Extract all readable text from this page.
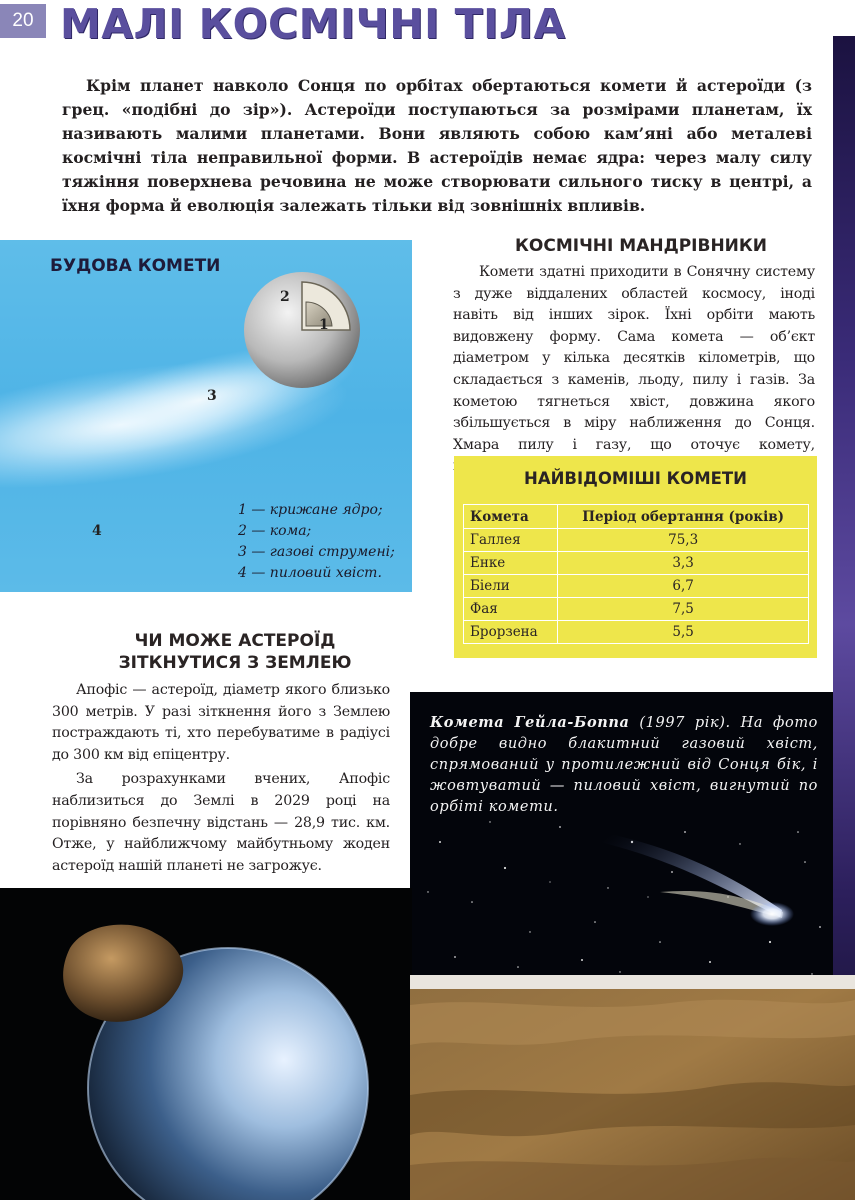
20 МАЛІ КОСМІЧНІ ТІЛА
Крім планет навколо Сонця по орбітах обертаються комети й астероїди (з грец. «подібні до зір»). Астероїди поступаються за розмірами планетам, їх називають малими планетами. Вони являють собою кам’яні або металеві космічні тіла неправильної форми. В астероїдів немає ядра: через малу силу тяжіння поверхнева речовина не може створювати сильного тиску в центрі, а їхня форма й еволюція залежать тільки від зовнішніх впливів.
2
1
3
4
БУДОВА КОМЕТИ
1 — крижане ядро;
2 — кома;
3 — газові струмені;
4 — пиловий хвіст.
КОСМІЧНІ МАНДРІВНИКИ
Комети здатні приходити в Сонячну систему з дуже віддалених областей космосу, іноді навіть від інших зірок. Їхні орбіти мають видовжену форму. Сама комета — об’єкт діаметром у кілька десятків кілометрів, що складається з каменів, льоду, пилу і газів. За кометою тягнеться хвіст, довжина якого збільшується в міру наближення до Сонця. Хмара пилу і газу, що оточує комету,
НАЙВІДОМІШІ КОМЕТИ
Комета	Період обертання (років)
Галлея	75,3
Енке	3,3
Біели	6,7
Фая	7,5
Брорзена	5,5
ЧИ МОЖЕ АСТЕРОЇД
ЗІТКНУТИСЯ З ЗЕМЛЕЮ

Апофіс — астероїд, діаметр якого близько 300 метрів. У разі зіткнення його з Землею постраждають ті, хто перебуватиме в радіусі до 300 км від епіцентру.

За розрахунками вчених, Апофіс наблизиться до Землі в 2029 році на порівняно безпечну відстань — 28,9 тис. км. Отже, у найближчому майбутньому жоден астероїд нашій планеті не загрожує.

Комета Гейла-Боппа (1997 рік). На фото добре видно блакитний газовий хвіст, спрямований у протилежний від Сонця бік, і жовтуватий — пиловий хвіст, вигнутий по орбіті комети.
